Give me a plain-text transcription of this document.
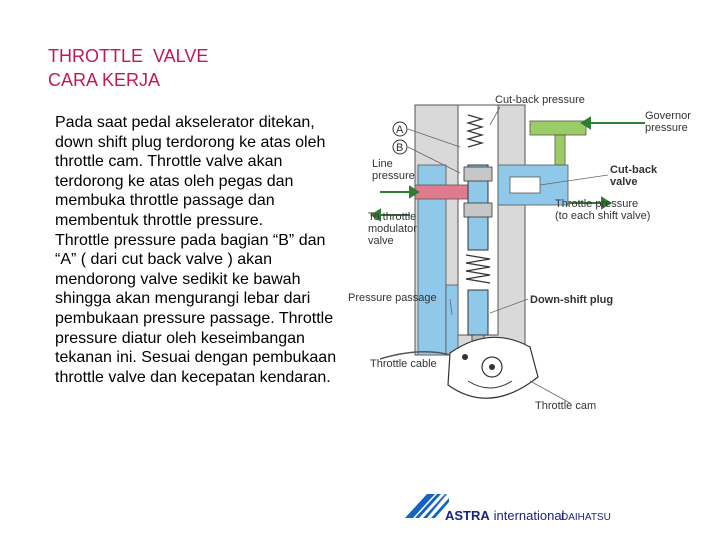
THROTTLE  VALVE
CARA KERJA

Pada saat pedal akselerator ditekan, down shift plug terdorong ke atas oleh throttle cam. Throttle valve akan terdorong ke atas oleh pegas dan membuka throttle passage dan membentuk throttle pressure.

Throttle pressure pada bagian “B” dan “A” ( dari cut back valve ) akan mendorong valve sedikit ke bawah shingga akan mengurangi lebar dari pembukaan pressure passage. Throttle pressure diatur oleh keseimbangan tekanan ini. Sesuai dengan pembukaan throttle valve dan kecepatan kendaran.

Cut-back pressure
Governor
pressure
A
B
Line
pressure	Cut-back
valve
To throttle
modulator
valve
Throttle pressure
(to each shift valve)
Pressure passage	Down-shift plug
Throttle cable
Throttle cam
ASTRA international
DAIHATSU
